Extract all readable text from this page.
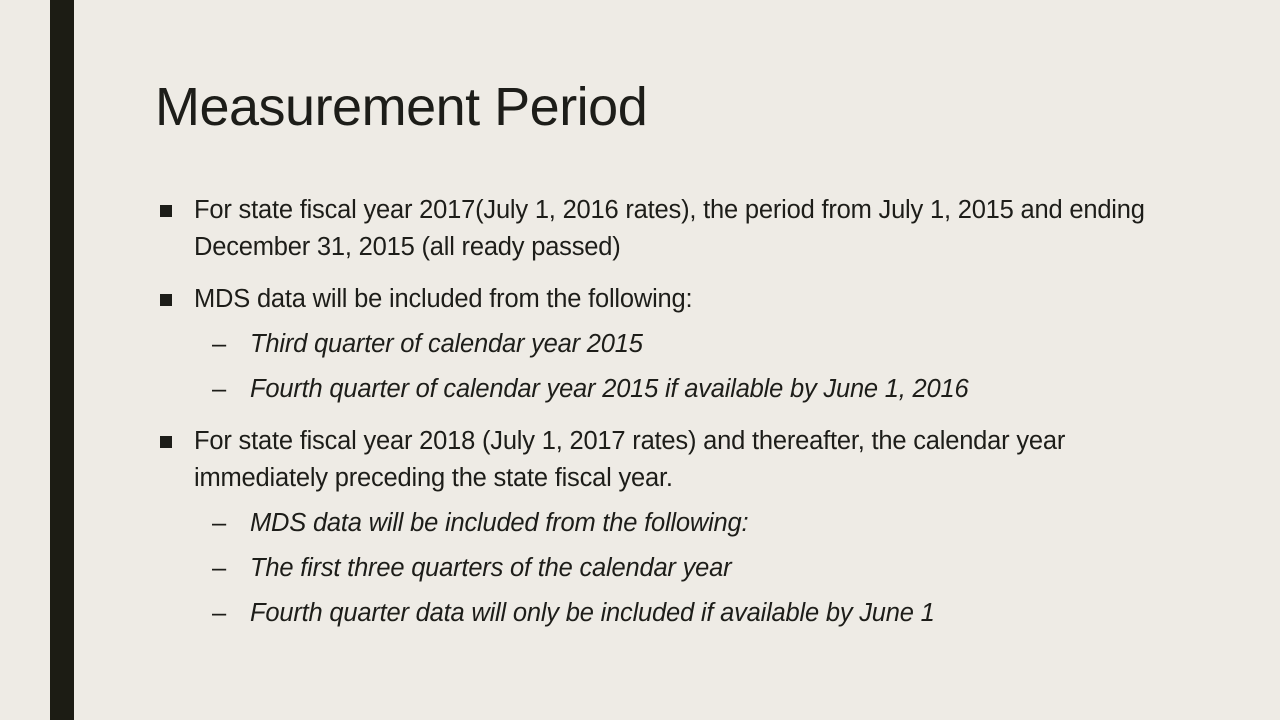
Measurement Period
For state fiscal year 2017(July 1, 2016 rates), the period from July 1, 2015 and ending December 31, 2015 (all ready passed)
MDS data will be included from the following:
– Third quarter of calendar year 2015
– Fourth quarter of calendar year 2015 if available by June 1, 2016
For state fiscal year 2018 (July 1, 2017 rates) and thereafter, the calendar year immediately preceding the state fiscal year.
– MDS data will be included from the following:
– The first three quarters of the calendar year
– Fourth quarter data will only be included if available by June 1
